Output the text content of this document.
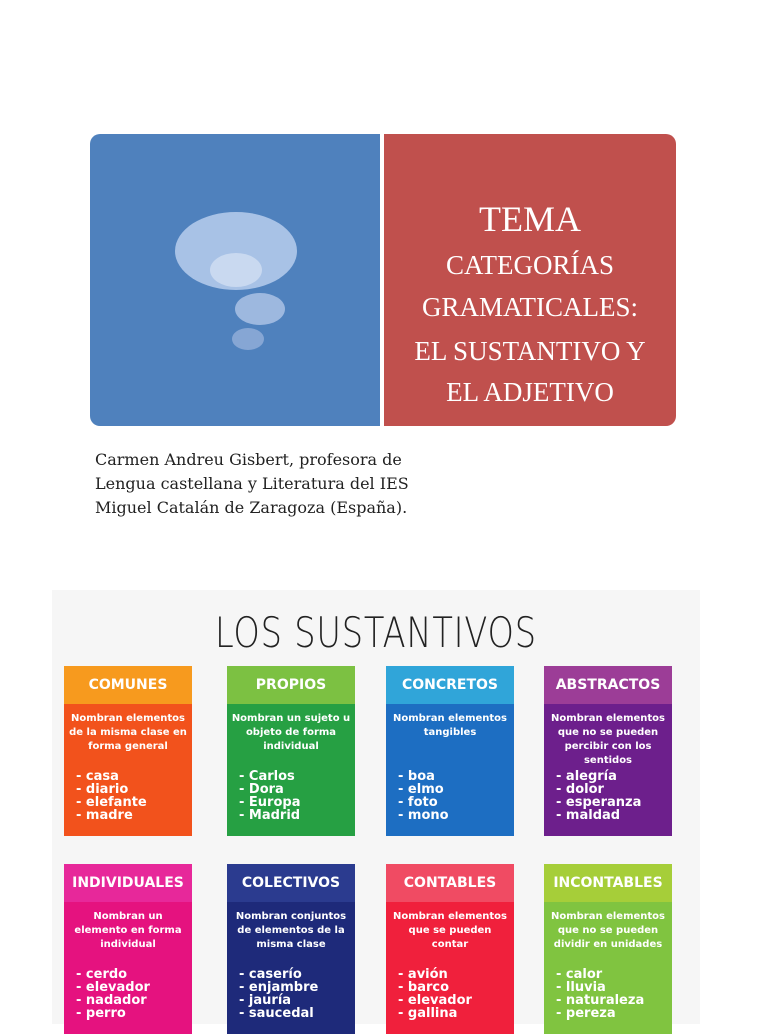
TEMA
CATEGORÍAS
GRAMATICALES:
EL SUSTANTIVO Y
EL ADJETIVO
Carmen Andreu Gisbert, profesora de
Lengua castellana y Literatura del IES
Miguel Catalán de Zaragoza (España).
LOS SUSTANTIVOS
COMUNES
Nombran elementos de la misma clase en forma general
- casa
- diario
- elefante
- madre
PROPIOS
Nombran un sujeto u objeto de forma individual
- Carlos
- Dora
- Europa
- Madrid
CONCRETOS
Nombran elementos tangibles
- boa
- elmo
- foto
- mono
ABSTRACTOS
Nombran elementos que no se pueden percibir con los sentidos
- alegría
- dolor
- esperanza
- maldad
INDIVIDUALES
Nombran un elemento en forma individual
- cerdo
- elevador
- nadador
- perro
COLECTIVOS
Nombran conjuntos de elementos de la misma clase
- caserío
- enjambre
- jauría
- saucedal
CONTABLES
Nombran elementos que se pueden contar
- avión
- barco
- elevador
- gallina
INCONTABLES
Nombran elementos que no se pueden dividir en unidades
- calor
- lluvia
- naturaleza
- pereza
